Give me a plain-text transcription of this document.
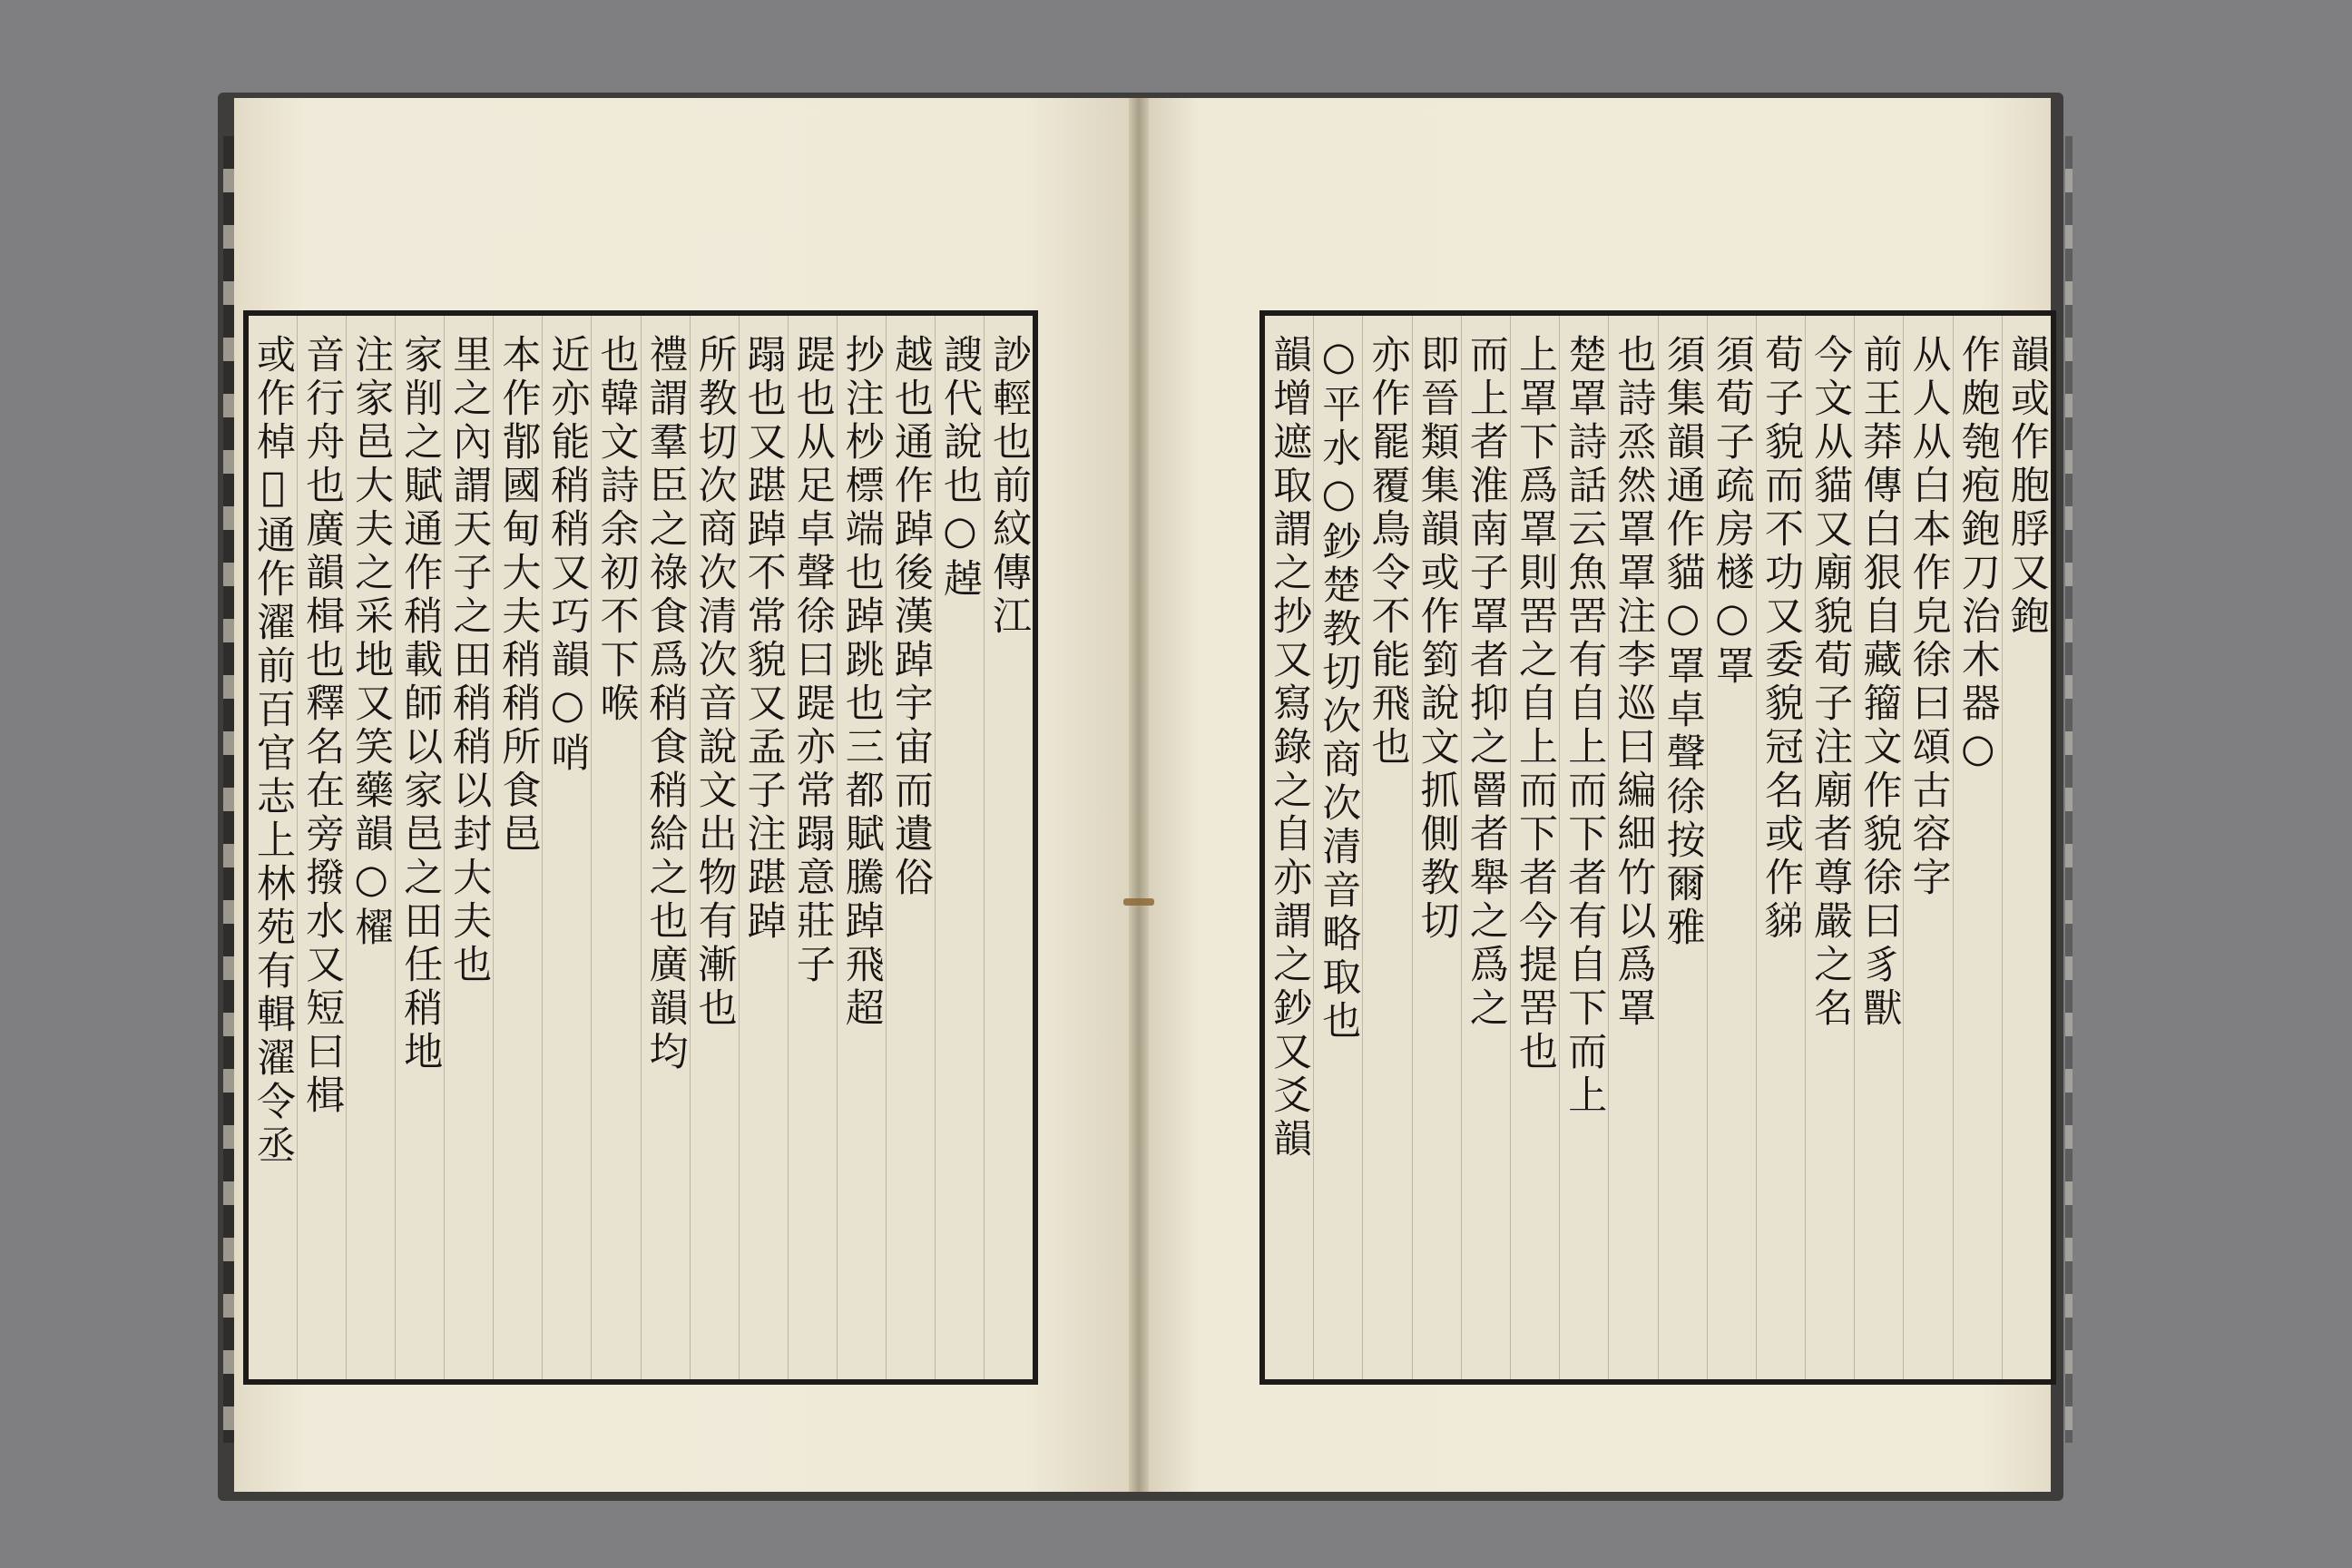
訬輕也前紋傳江
謏代說也○趠
越也通作踔後漢踔宇宙而遺俗
抄注杪標端也踔跳也三都賦騰踔飛超
踶也从足卓聲徐曰踶亦常蹋意莊子
蹋也又踸踔不常貌又孟子注踸踔
所教切次商次清次音說文出物有漸也
禮謂羣臣之祿食爲稍食稍給之也廣韻均
也韓文詩余初不下喉
近亦能稍稍又巧韻○哨
本作鄁國甸大夫稍稍所食邑
里之內謂天子之田稍稍以封大夫也
家削之賦通作稍載師以家邑之田任稍地
注家邑大夫之采地又笑藥韻○櫂
音行舟也廣韻楫也釋名在旁撥水又短曰楫
或作棹𣚶通作濯前百官志上林苑有輯濯令丞	韻或作胞脬又鉋
作皰匏疱鉋刀治木器○
从人从白本作皃徐曰頌古容字
前王莽傳白狠自藏籀文作貌徐曰豸獸
今文从貓又廟貌荀子注廟者尊嚴之名
荀子貌而不功又委貌冠名或作𧳋
須荀子疏房檖○罩
須集韻通作貓○罩卓聲徐按爾雅
也詩烝然罩罩注李巡曰編細竹以爲罩
楚罩詩話云魚罟有自上而下者有自下而上
上罩下爲罩則罟之自上而下者今提罟也
而上者淮南子罩者抑之罾者舉之爲之
即晉類集韻或作箌說文抓側教切
亦作罷覆鳥令不能飛也
○平水○鈔楚教切次商次清音略取也
韻增遮取謂之抄又寫錄之自亦謂之鈔又爻韻
